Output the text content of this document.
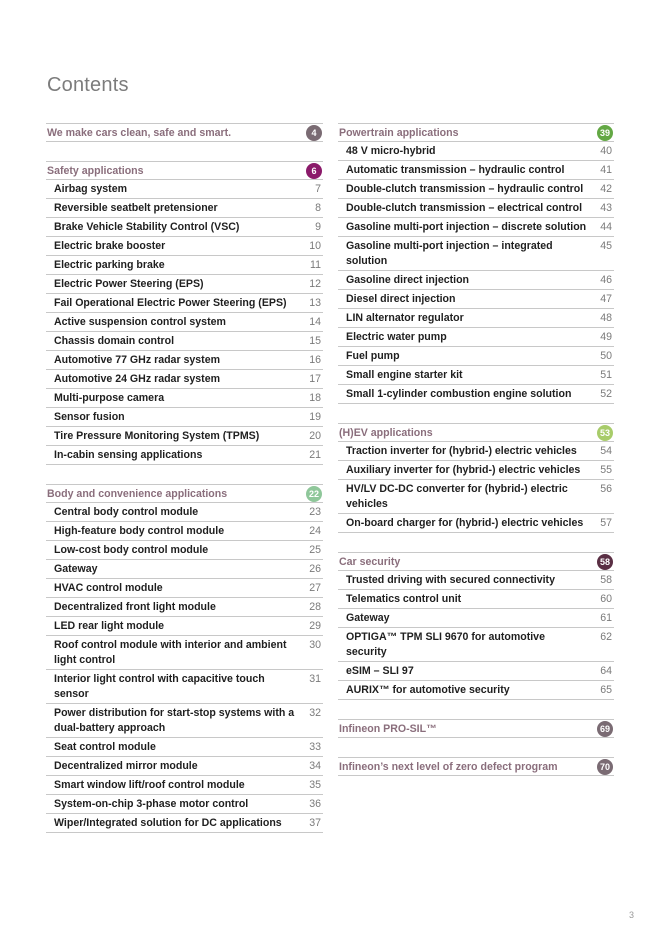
Contents
We make cars clean, safe and smart.	4
Safety applications	6
Airbag system	7
Reversible seatbelt pretensioner	8
Brake Vehicle Stability Control (VSC)	9
Electric brake booster	10
Electric parking brake	11
Electric Power Steering (EPS)	12
Fail Operational Electric Power Steering (EPS)	13
Active suspension control system	14
Chassis domain control	15
Automotive 77 GHz radar system	16
Automotive 24 GHz radar system	17
Multi-purpose camera	18
Sensor fusion	19
Tire Pressure Monitoring System (TPMS)	20
In-cabin sensing applications	21
Body and convenience applications	22
Central body control module	23
High-feature body control module	24
Low-cost body control module	25
Gateway	26
HVAC control module	27
Decentralized front light module	28
LED rear light module	29
Roof control module with interior and ambient light control
30
Interior light control with capacitive touch sensor
31
Power distribution for start-stop systems with a dual-battery approach
32
Seat control module	33
Decentralized mirror module	34
Smart window lift/roof control module	35
System-on-chip 3-phase motor control	36
Wiper/Integrated solution for DC applications	37
Powertrain applications	39
48 V micro-hybrid	40
Automatic transmission – hydraulic control	41
Double-clutch transmission – hydraulic control	42
Double-clutch transmission – electrical control	43
Gasoline multi-port injection – discrete solution	44
Gasoline multi-port injection – integrated solution
45
Gasoline direct injection	46
Diesel direct injection	47
LIN alternator regulator	48
Electric water pump	49
Fuel pump	50
Small engine starter kit	51
Small 1-cylinder combustion engine solution	52
(H)EV applications	53
Traction inverter for (hybrid-) electric vehicles	54
Auxiliary inverter for (hybrid-) electric vehicles	55
HV/LV DC-DC converter for (hybrid-) electric vehicles
56
On-board charger for (hybrid-) electric vehicles	57
Car security	58
Trusted driving with secured connectivity	58
Telematics control unit	60
Gateway	61
OPTIGA™ TPM SLI 9670 for automotive security
62
eSIM – SLI 97	64
AURIX™ for automotive security	65
Infineon PRO-SIL™	69
Infineon’s next level of zero defect program	70
3
